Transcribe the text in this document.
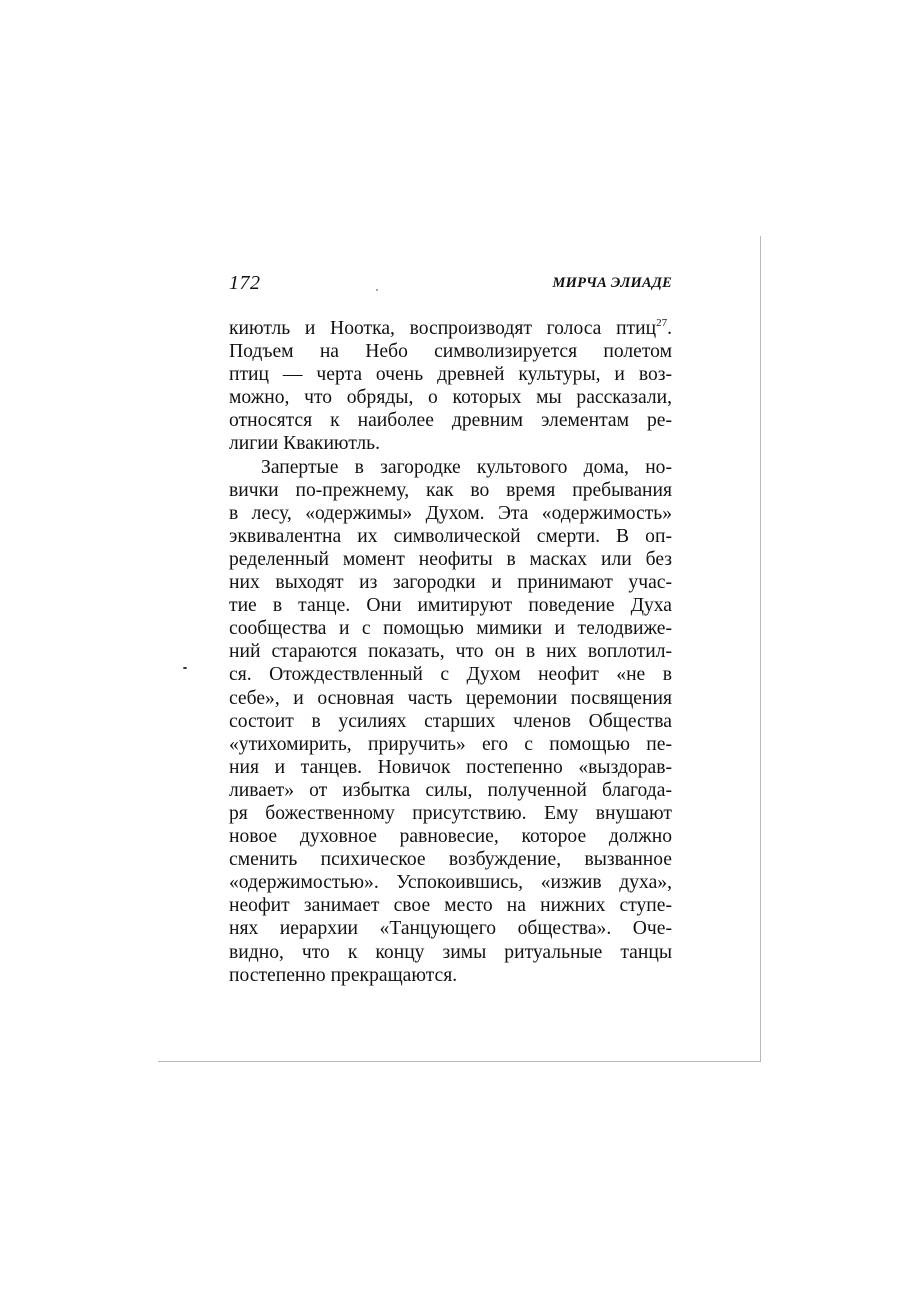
172	МИРЧА ЭЛИАДЕ
киютль и Ноотка, воспроизводят голоса птиц$^{27}$.
Подъем на Небо символизируется полетом
птиц — черта очень древней культуры, и воз-
можно, что обряды, о которых мы рассказали,
относятся к наиболее древним элементам ре-
лигии Квакиютль.
Запертые в загородке культового дома, но-
вички по-прежнему, как во время пребывания
в лесу, «одержимы» Духом. Эта «одержимость»
эквивалентна их символической смерти. В оп-
ределенный момент неофиты в масках или без
них выходят из загородки и принимают учас-
тие в танце. Они имитируют поведение Духа
сообщества и с помощью мимики и телодвиже-
ний стараются показать, что он в них воплотил-
ся. Отождествленный с Духом неофит «не в
себе», и основная часть церемонии посвящения
состоит в усилиях старших членов Общества
«утихомирить, приручить» его с помощью пе-
ния и танцев. Новичок постепенно «выздорав-
ливает» от избытка силы, полученной благода-
ря божественному присутствию. Ему внушают
новое духовное равновесие, которое должно
сменить психическое возбуждение, вызванное
«одержимостью». Успокоившись, «изжив духа»,
неофит занимает свое место на нижних ступе-
нях иерархии «Танцующего общества». Оче-
видно, что к концу зимы ритуальные танцы
постепенно прекращаются.
